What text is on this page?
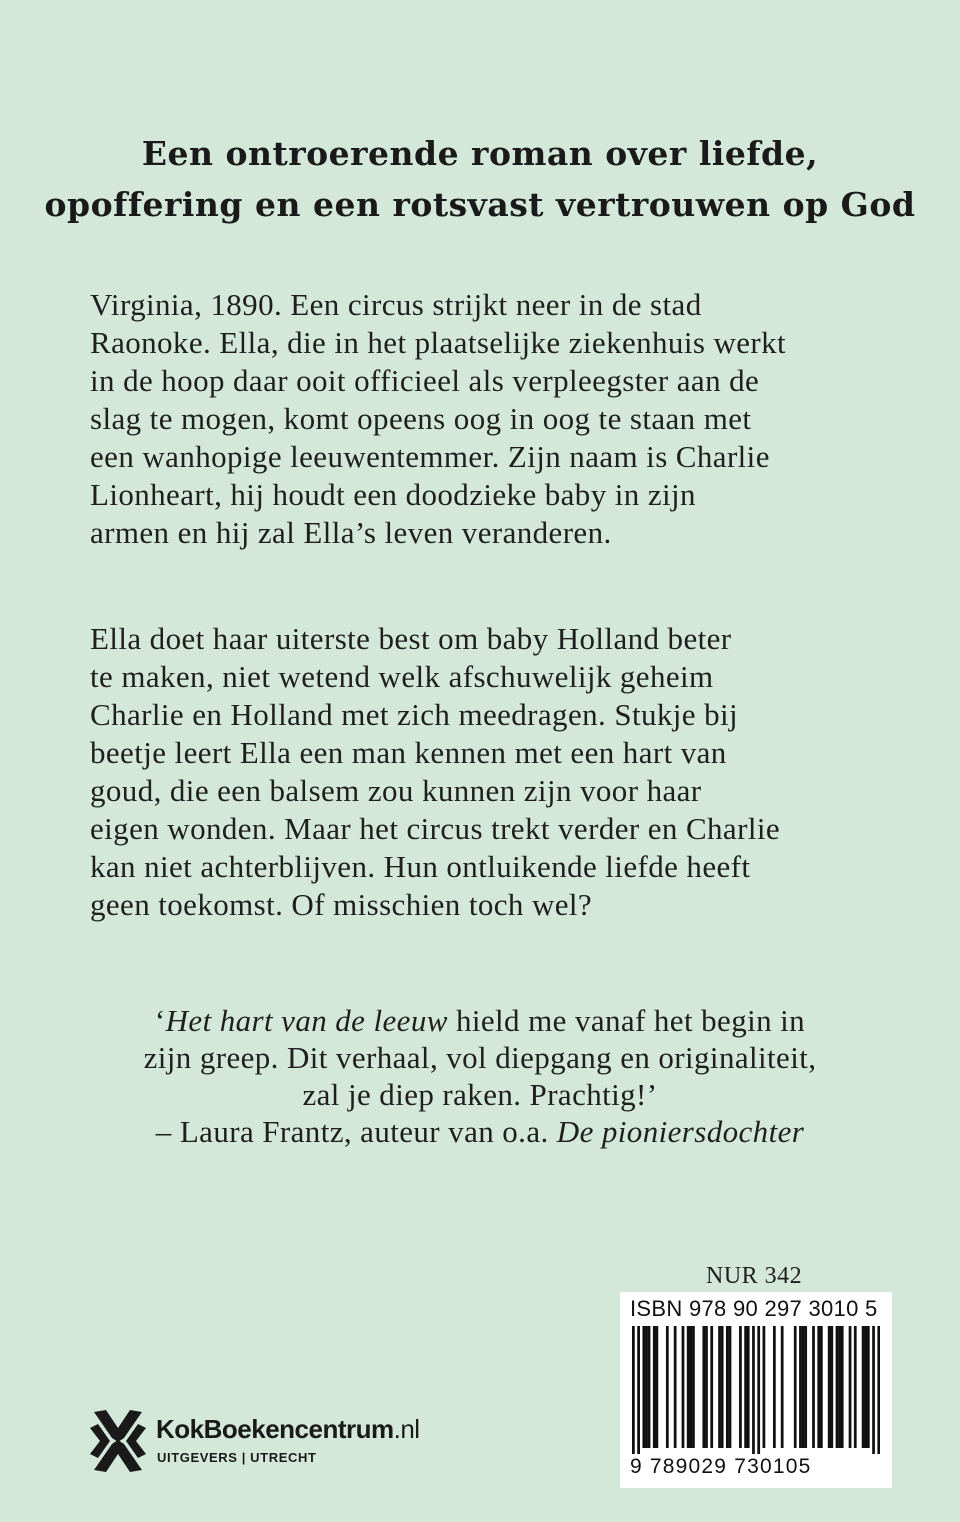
Een ontroerende roman over liefde,
opoffering en een rotsvast vertrouwen op God
Virginia, 1890. Een circus strijkt neer in de stad
Raonoke. Ella, die in het plaatselijke ziekenhuis werkt
in de hoop daar ooit officieel als verpleegster aan de
slag te mogen, komt opeens oog in oog te staan met
een wanhopige leeuwentemmer. Zijn naam is Charlie
Lionheart, hij houdt een doodzieke baby in zijn
armen en hij zal Ella’s leven veranderen.
Ella doet haar uiterste best om baby Holland beter
te maken, niet wetend welk afschuwelijk geheim
Charlie en Holland met zich meedragen. Stukje bij
beetje leert Ella een man kennen met een hart van
goud, die een balsem zou kunnen zijn voor haar
eigen wonden. Maar het circus trekt verder en Charlie
kan niet achterblijven. Hun ontluikende liefde heeft
geen toekomst. Of misschien toch wel?
‘Het hart van de leeuw hield me vanaf het begin in
zijn greep. Dit verhaal, vol diepgang en originaliteit,
zal je diep raken. Prachtig!’
– Laura Frantz, auteur van o.a. De pioniersdochter
NUR 342
ISBN 978 90 297 3010 5
9 789029 730105
KokBoekencentrum.nl
UITGEVERS | UTRECHT
